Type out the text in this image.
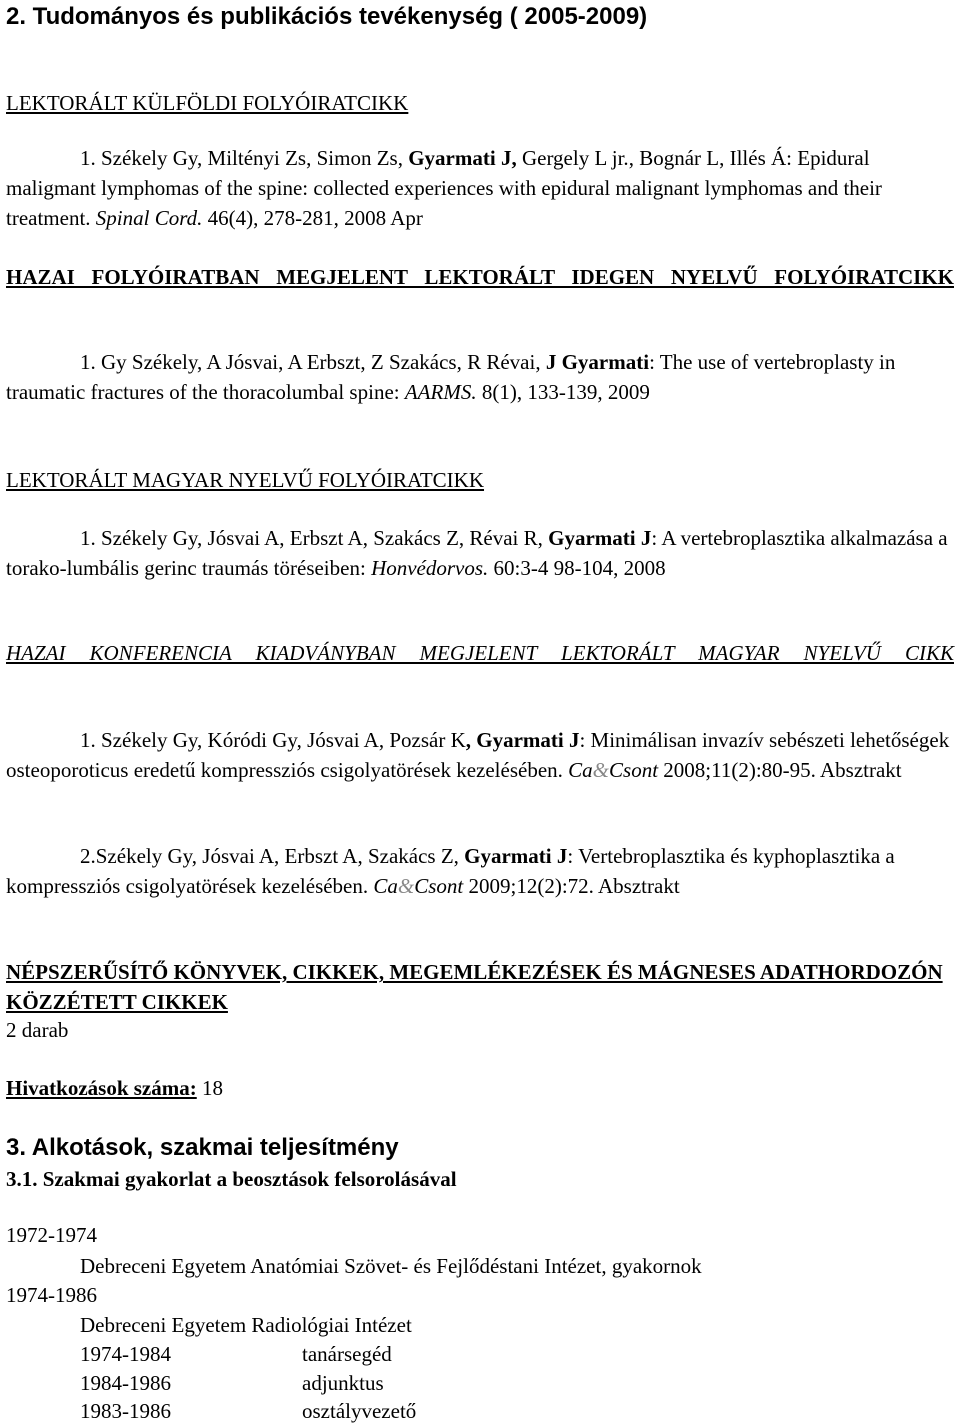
2. Tudományos és publikációs tevékenység ( 2005-2009)
LEKTORÁLT KÜLFÖLDI FOLYÓIRATCIKK

1. Székely Gy, Miltényi Zs, Simon Zs, Gyarmati J, Gergely L jr., Bognár L, Illés Á: Epidural maligmant lymphomas of the spine: collected experiences with epidural malignant lymphomas and their treatment. Spinal Cord. 46(4), 278-281, 2008 Apr

HAZAI FOLYÓIRATBAN MEGJELENT LEKTORÁLT IDEGEN NYELVŰ FOLYÓIRATCIKK

1. Gy Székely, A Jósvai, A Erbszt, Z Szakács, R Révai, J Gyarmati: The use of vertebroplasty in traumatic fractures of the thoracolumbal spine: AARMS. 8(1), 133-139, 2009

LEKTORÁLT MAGYAR NYELVŰ FOLYÓIRATCIKK

1. Székely Gy, Jósvai A, Erbszt A, Szakács Z, Révai R, Gyarmati J: A vertebroplasztika alkalmazása a torako-lumbális gerinc traumás töréseiben: Honvédorvos. 60:3-4 98-104, 2008

HAZAI KONFERENCIA KIADVÁNYBAN MEGJELENT LEKTORÁLT MAGYAR NYELVŰ CIKK

1. Székely Gy, Kóródi Gy, Jósvai A, Pozsár K, Gyarmati J: Minimálisan invazív sebészeti lehetőségek osteoporoticus eredetű kompressziós csigolyatörések kezelésében. Ca&Csont 2008;11(2):80-95. Absztrakt

2.Székely Gy, Jósvai A, Erbszt A, Szakács Z, Gyarmati J: Vertebroplasztika és kyphoplasztika a kompressziós csigolyatörések kezelésében. Ca&Csont 2009;12(2):72. Absztrakt

NÉPSZERŰSÍTŐ KÖNYVEK, CIKKEK, MEGEMLÉKEZÉSEK ÉS MÁGNESES ADATHORDOZÓN KÖZZÉTETT CIKKEK

2 darab
Hivatkozások száma: 18
3. Alkotások, szakmai teljesítmény
3.1. Szakmai gyakorlat a beosztások felsorolásával
1972-1974
Debreceni Egyetem Anatómiai Szövet- és Fejlődéstani Intézet, gyakornok
1974-1986
Debreceni Egyetem Radiológiai Intézet
1974-1984	tanársegéd
1984-1986	adjunktus
1983-1986	osztályvezető
